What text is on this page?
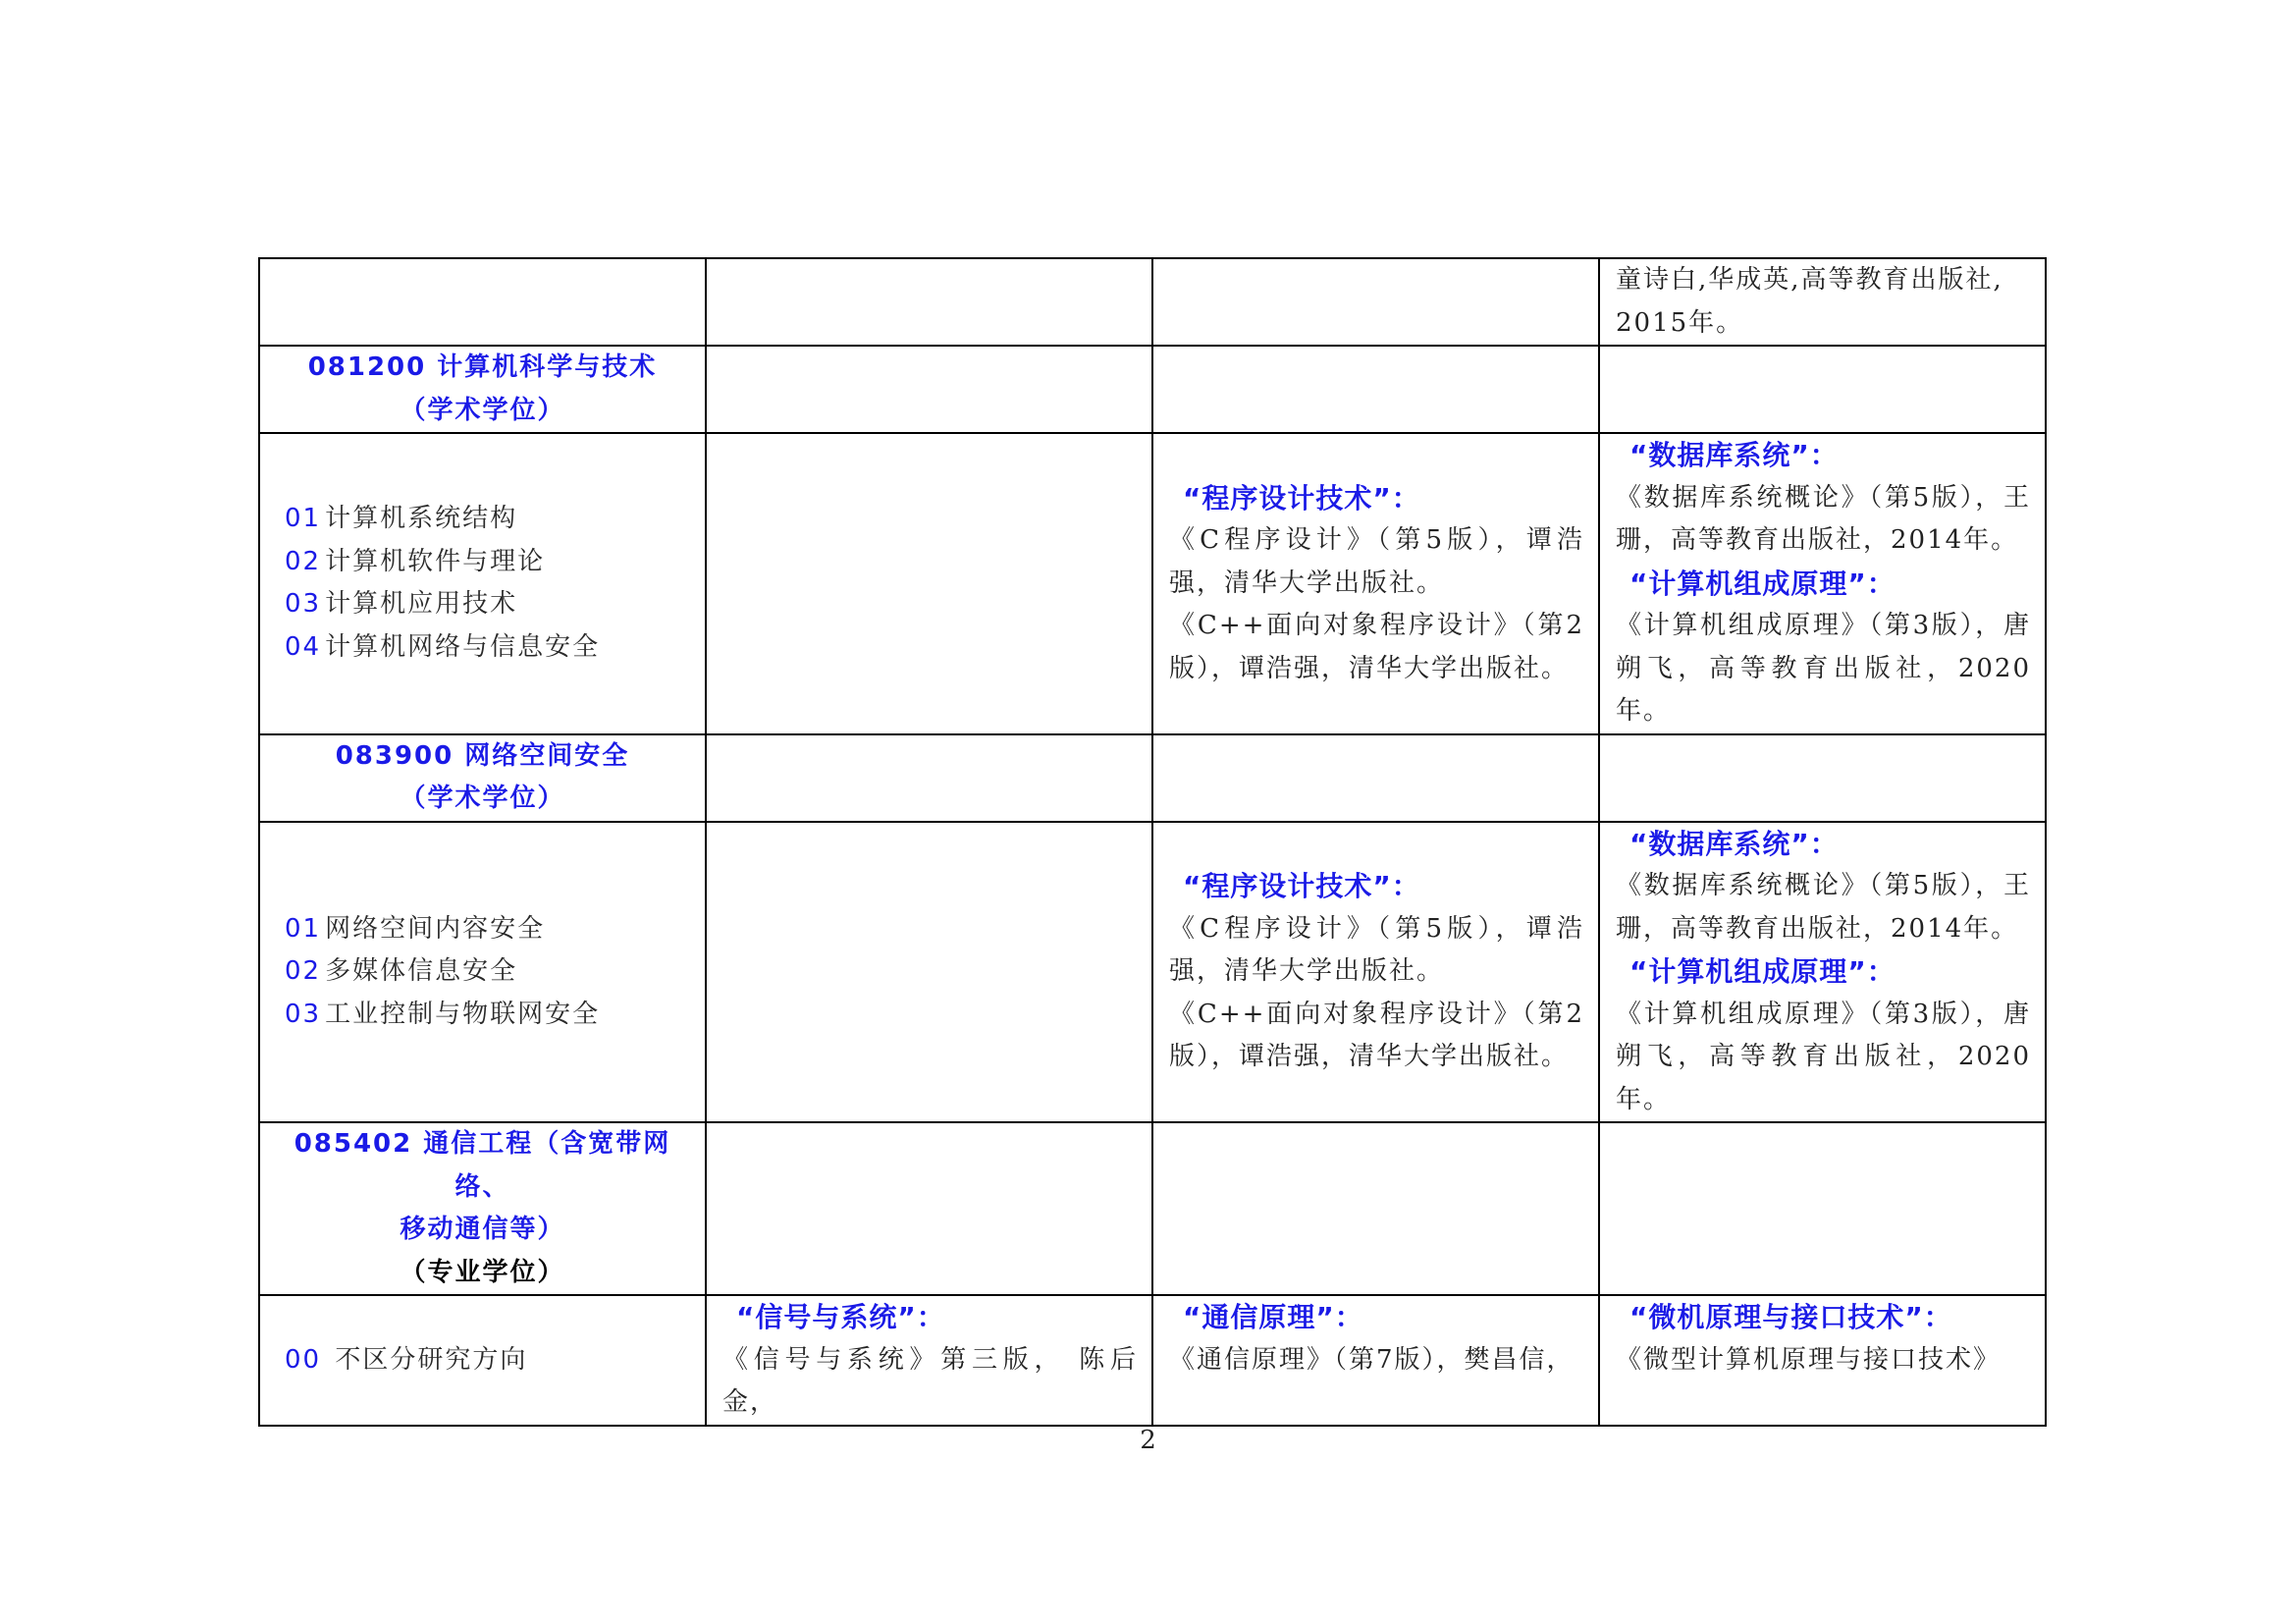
			童诗白,华成英,高等教育出版社,
2015年。

081200 计算机科学与技术
（学术学位）			

01 计算机系统结构
02 计算机软件与理论
03 计算机应用技术
04 计算机网络与信息安全		“程序设计技术”：
《C程序设计》（第5版），谭浩强，清华大学出版社。
《C++面向对象程序设计》（第2版），谭浩强，清华大学出版社。	“数据库系统”：
《数据库系统概论》（第5版），王珊，高等教育出版社，2014年。
“计算机组成原理”：
《计算机组成原理》（第3版），唐朔飞，高等教育出版社，2020年。

083900 网络空间安全
（学术学位）			

01 网络空间内容安全
02 多媒体信息安全
03 工业控制与物联网安全		“程序设计技术”：
《C程序设计》（第5版），谭浩强，清华大学出版社。
《C++面向对象程序设计》（第2版），谭浩强，清华大学出版社。	“数据库系统”：
《数据库系统概论》（第5版），王珊，高等教育出版社，2014年。
“计算机组成原理”：
《计算机组成原理》（第3版），唐朔飞，高等教育出版社，2020年。

085402 通信工程（含宽带网络、
移动通信等）
（专业学位）			

00 不区分研究方向	“信号与系统”：
《信号与系统》第三版， 陈后金，	“通信原理”：
《通信原理》（第7版），樊昌信，	“微机原理与接口技术”：
《微型计算机原理与接口技术》
2
